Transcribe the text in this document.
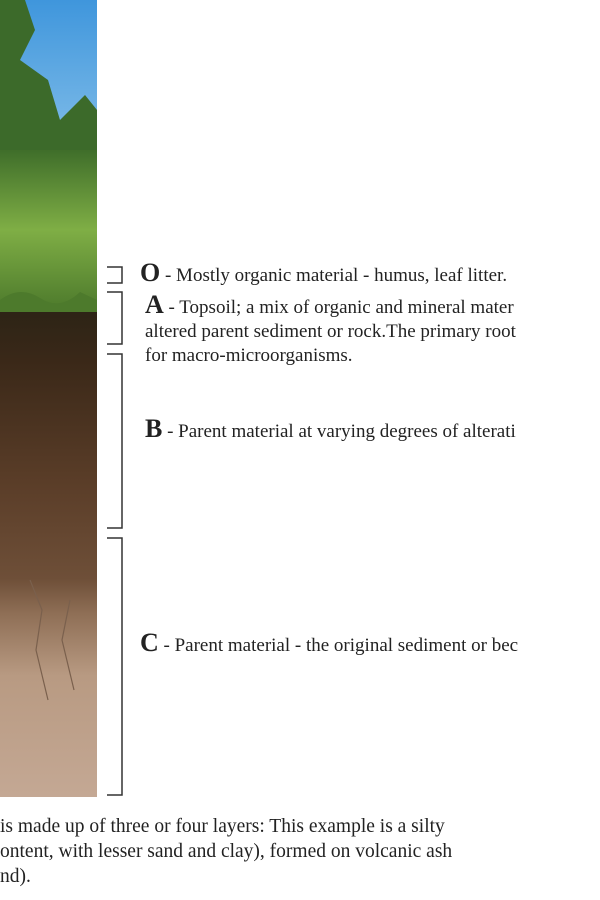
O - Mostly organic material - humus, leaf litter.
A - Topsoil; a mix of organic and mineral mater
altered parent sediment or rock.The primary root
for macro-microorganisms.
B - Parent material at varying degrees of alterati
C - Parent material - the original sediment or bec
is made up of three or four layers: This example is a silty
ontent, with lesser sand and clay), formed on volcanic ash
nd).
